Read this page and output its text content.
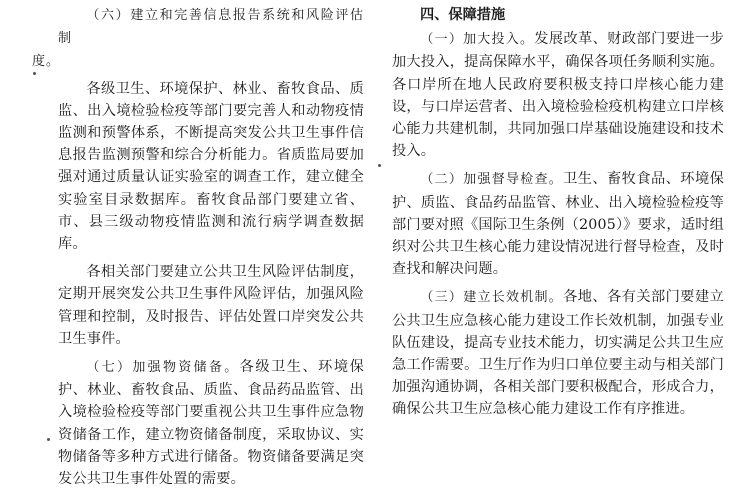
（六）建立和完善信息报告系统和风险评估制
度。

各级卫生、环境保护、林业、畜牧食品、质监、出入境检验检疫等部门要完善人和动物疫情监测和预警体系，不断提高突发公共卫生事件信息报告监测预警和综合分析能力。省质监局要加强对通过质量认证实验室的调查工作，建立健全实验室目录数据库。畜牧食品部门要建立省、市、县三级动物疫情监测和流行病学调查数据库。

各相关部门要建立公共卫生风险评估制度，定期开展突发公共卫生事件风险评估，加强风险管理和控制，及时报告、评估处置口岸突发公共卫生事件。

（七）加强物资储备。各级卫生、环境保护、林业、畜牧食品、质监、食品药品监管、出入境检验检疫等部门要重视公共卫生事件应急物资储备工作，建立物资储备制度，采取协议、实物储备等多种方式进行储备。物资储备要满足突发公共卫生事件处置的需要。

四、保障措施

（一）加大投入。发展改革、财政部门要进一步加大投入，提高保障水平，确保各项任务顺利实施。各口岸所在地人民政府要积极支持口岸核心能力建设，与口岸运营者、出入境检验检疫机构建立口岸核心能力共建机制，共同加强口岸基础设施建设和技术投入。

（二）加强督导检查。卫生、畜牧食品、环境保护、质监、食品药品监管、林业、出入境检验检疫等部门要对照《国际卫生条例（2005）》要求，适时组织对公共卫生核心能力建设情况进行督导检查，及时查找和解决问题。

（三）建立长效机制。各地、各有关部门要建立公共卫生应急核心能力建设工作长效机制，加强专业队伍建设，提高专业技术能力，切实满足公共卫生应急工作需要。卫生厅作为归口单位要主动与相关部门加强沟通协调，各相关部门要积极配合，形成合力，确保公共卫生应急核心能力建设工作有序推进。
